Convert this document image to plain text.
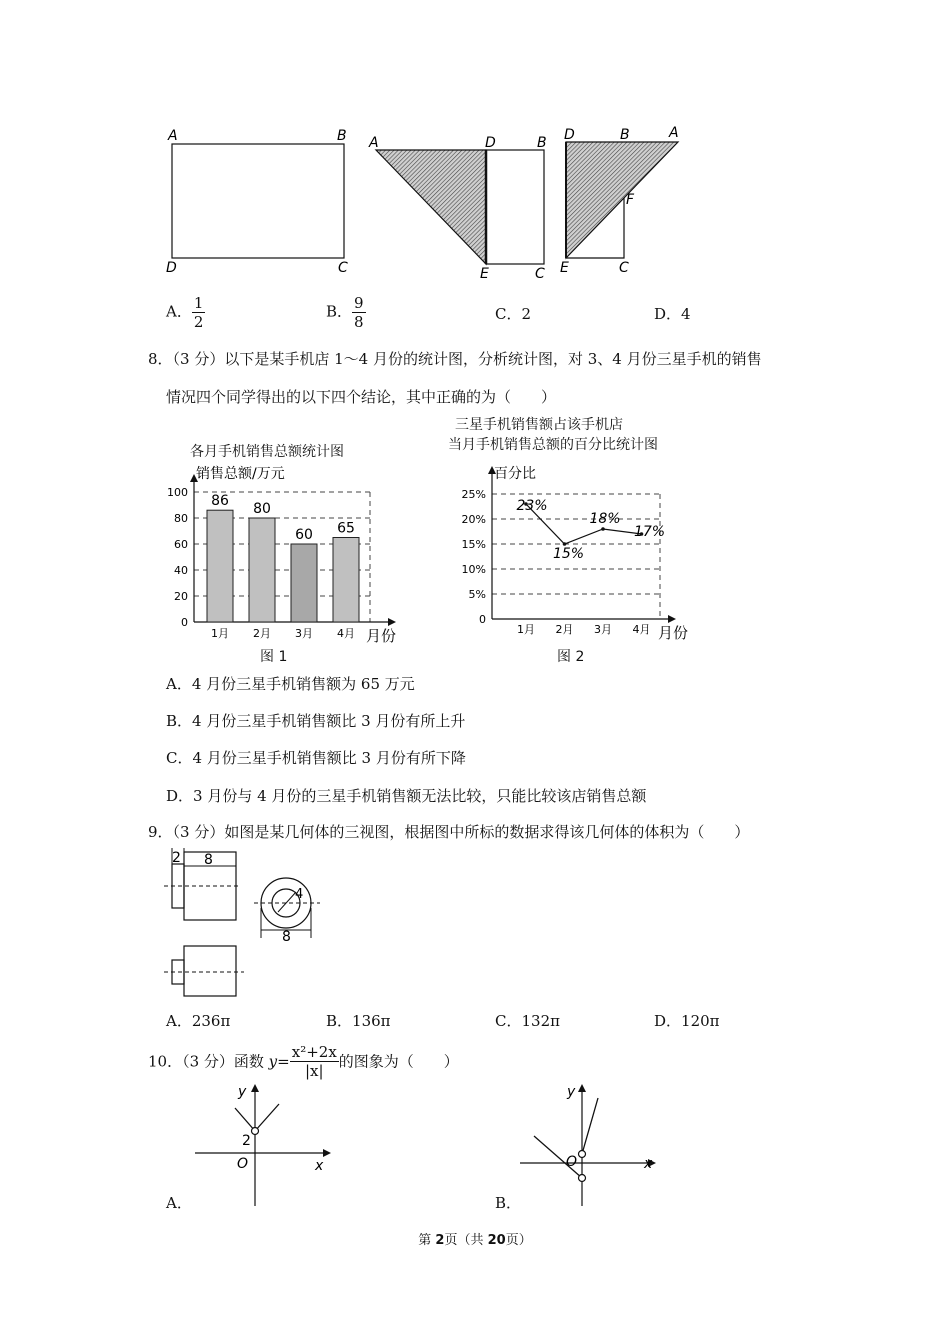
A	B
D	C
A	D	B
E	C
D	B	A
F
E	C
A． $\frac{1}{2}$	B． $\frac{9}{8}$	C．2	D．4
8．（3 分）以下是某手机店 1～4 月份的统计图，分析统计图，对 3、4 月份三星手机的销售
情况四个同学得出的以下四个结论，其中正确的为（　　）
各月手机销售总额统计图
三星手机销售额占该手机店
当月手机销售总额的百分比统计图
销售总额/万元
0
20
40
60
80
100
月份
86
1月
80
2月
60
3月
65
4月
百分比
0
5%
10%
15%
20%
25%
月份
23%
1月
15%
2月
18%
3月
17%
4月
图 1	图 2
A．4 月份三星手机销售额为 65 万元
B．4 月份三星手机销售额比 3 月份有所上升
C．4 月份三星手机销售额比 3 月份有所下降
D．3 月份与 4 月份的三星手机销售额无法比较，只能比较该店销售总额
9．（3 分）如图是某几何体的三视图，根据图中所标的数据求得该几何体的体积为（　　）
2 8
4
8
A．236π	B．136π	C．132π	D．120π
10．（3 分）函数 $y= \frac{\text{x²+2x}}{|x|}$ 的图象为（　　）
y
x
O
2
A．
y
x
O
B．
第 2页（共 20页）
